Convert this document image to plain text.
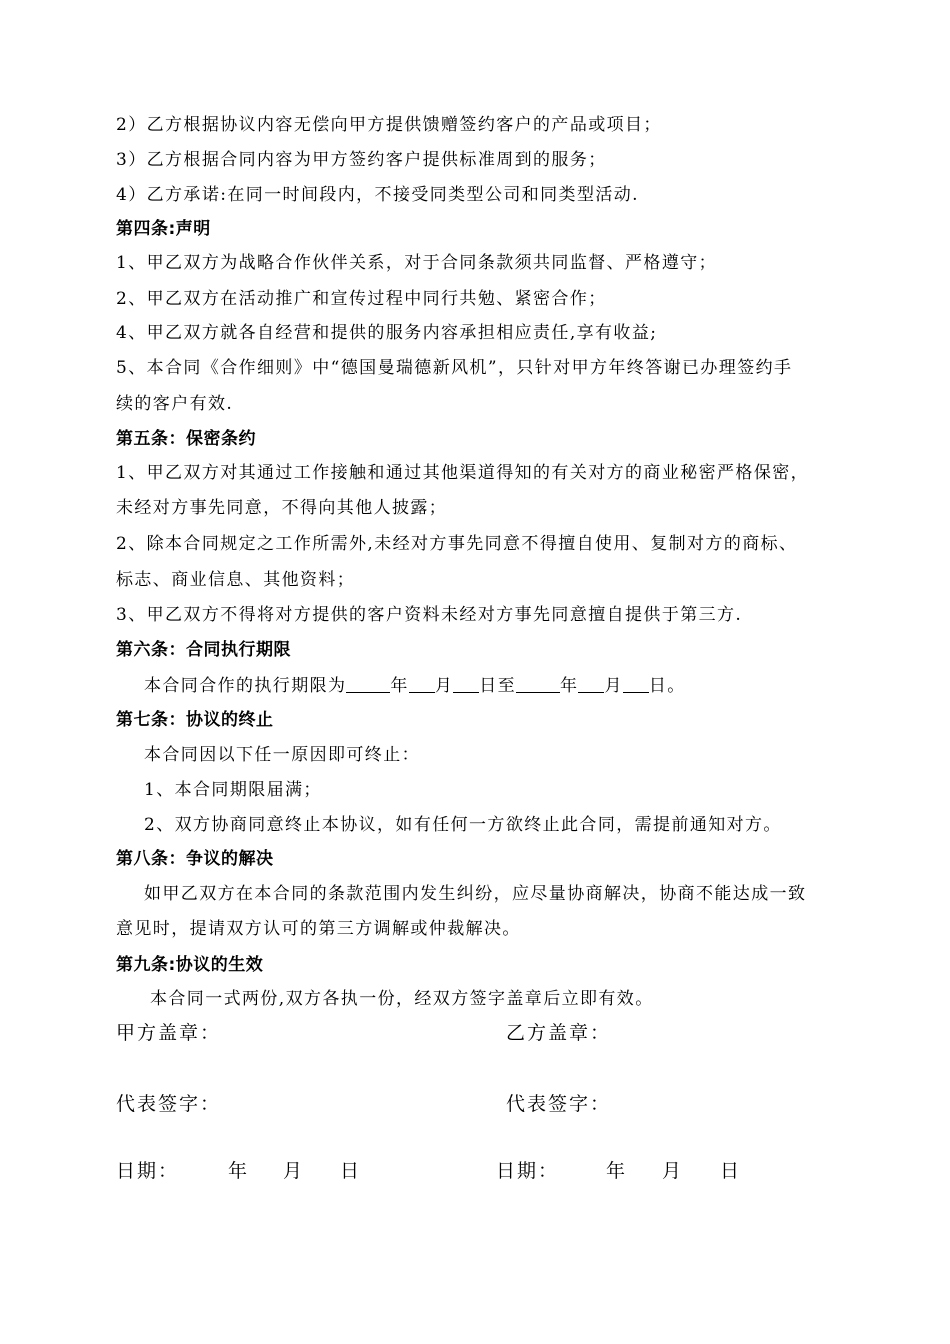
2）乙方根据协议内容无偿向甲方提供馈赠签约客户的产品或项目；
3）乙方根据合同内容为甲方签约客户提供标准周到的服务；
4）乙方承诺:在同一时间段内，不接受同类型公司和同类型活动.
第四条:声明
1、甲乙双方为战略合作伙伴关系，对于合同条款须共同监督、严格遵守；
2、甲乙双方在活动推广和宣传过程中同行共勉、紧密合作；
4、甲乙双方就各自经营和提供的服务内容承担相应责任,享有收益;
5、本合同《合作细则》中“德国曼瑞德新风机”，只针对甲方年终答谢已办理签约手
续的客户有效.
第五条：保密条约
1、甲乙双方对其通过工作接触和通过其他渠道得知的有关对方的商业秘密严格保密，
未经对方事先同意，不得向其他人披露；
2、除本合同规定之工作所需外,未经对方事先同意不得擅自使用、复制对方的商标、
标志、商业信息、其他资料；
3、甲乙双方不得将对方提供的客户资料未经对方事先同意擅自提供于第三方.
第六条：合同执行期限
本合同合作的执行期限为	年 月 日至	年 月 日。
第七条：协议的终止
本合同因以下任一原因即可终止：
1、本合同期限届满；
2、双方协商同意终止本协议，如有任何一方欲终止此合同，需提前通知对方。
第八条：争议的解决
如甲乙双方在本合同的条款范围内发生纠纷，应尽量协商解决，协商不能达成一致
意见时，提请双方认可的第三方调解或仲裁解决。
第九条:协议的生效
本合同一式两份,双方各执一份，经双方签字盖章后立即有效。
甲方盖章：	乙方盖章：
代表签字：	代表签字：
日期：	年 月 日	日期： 年 月 日
